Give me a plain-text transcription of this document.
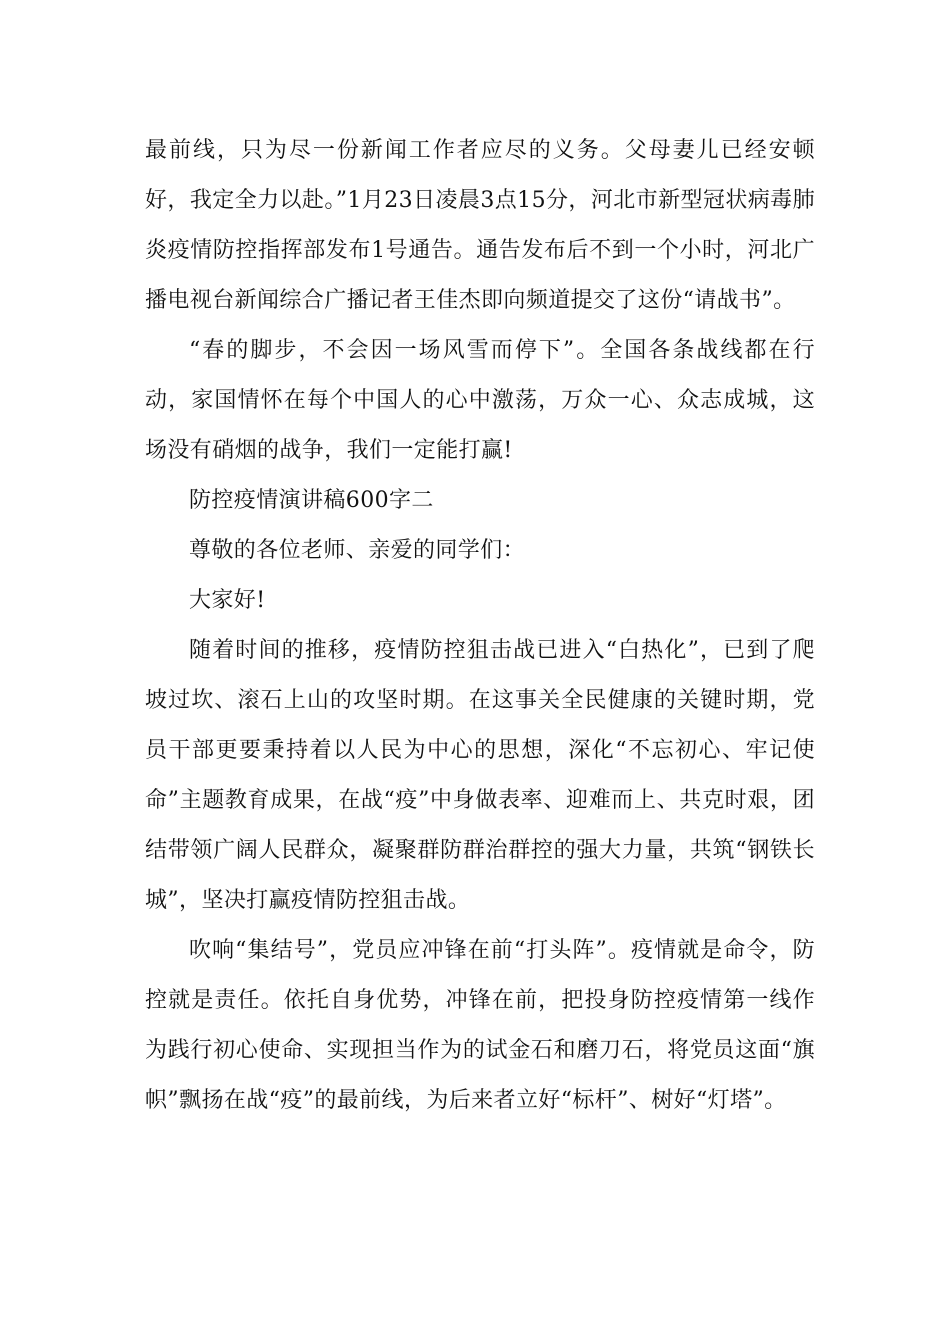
最前线，只为尽一份新闻工作者应尽的义务。父母妻儿已经安顿好，我定全力以赴。”1月23日凌晨3点15分，河北市新型冠状病毒肺炎疫情防控指挥部发布1号通告。通告发布后不到一个小时，河北广播电视台新闻综合广播记者王佳杰即向频道提交了这份“请战书”。

“春的脚步，不会因一场风雪而停下”。全国各条战线都在行动，家国情怀在每个中国人的心中激荡，万众一心、众志成城，这场没有硝烟的战争，我们一定能打赢!

防控疫情演讲稿600字二

尊敬的各位老师、亲爱的同学们：

大家好!

随着时间的推移，疫情防控狙击战已进入“白热化”，已到了爬坡过坎、滚石上山的攻坚时期。在这事关全民健康的关键时期，党员干部更要秉持着以人民为中心的思想，深化“不忘初心、牢记使命”主题教育成果，在战“疫”中身做表率、迎难而上、共克时艰，团结带领广阔人民群众，凝聚群防群治群控的强大力量，共筑“钢铁长城”，坚决打赢疫情防控狙击战。

吹响“集结号”，党员应冲锋在前“打头阵”。疫情就是命令，防控就是责任。依托自身优势，冲锋在前，把投身防控疫情第一线作为践行初心使命、实现担当作为的试金石和磨刀石，将党员这面“旗帜”飘扬在战“疫”的最前线，为后来者立好“标杆”、树好“灯塔”。
